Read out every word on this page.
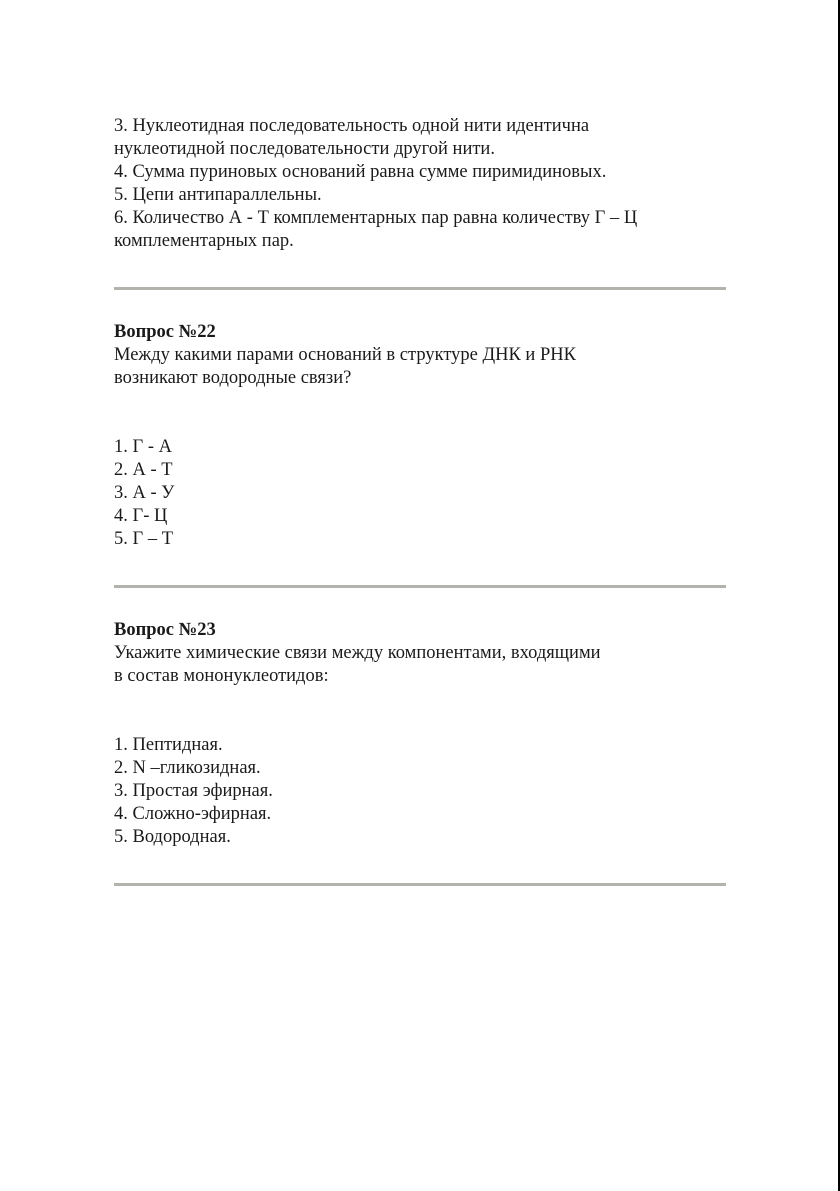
3. Нуклеотидная последовательность одной нити идентична

нуклеотидной последовательности другой нити.

4. Сумма пуриновых оснований равна сумме пиримидиновых.

5. Цепи антипараллельны.

6. Количество А - Т комплементарных пар равна количеству Г – Ц

комплементарных пар.

Вопрос №22

Между какими парами оснований в структуре ДНК и РНК

возникают водородные связи?

1. Г - А

2. А - Т

3. А - У

4. Г- Ц

5. Г – Т

Вопрос №23

Укажите химические связи между компонентами, входящими

в состав мононуклеотидов:

1. Пептидная.

2. N –гликозидная.

3. Простая эфирная.

4. Сложно-эфирная.

5. Водородная.
